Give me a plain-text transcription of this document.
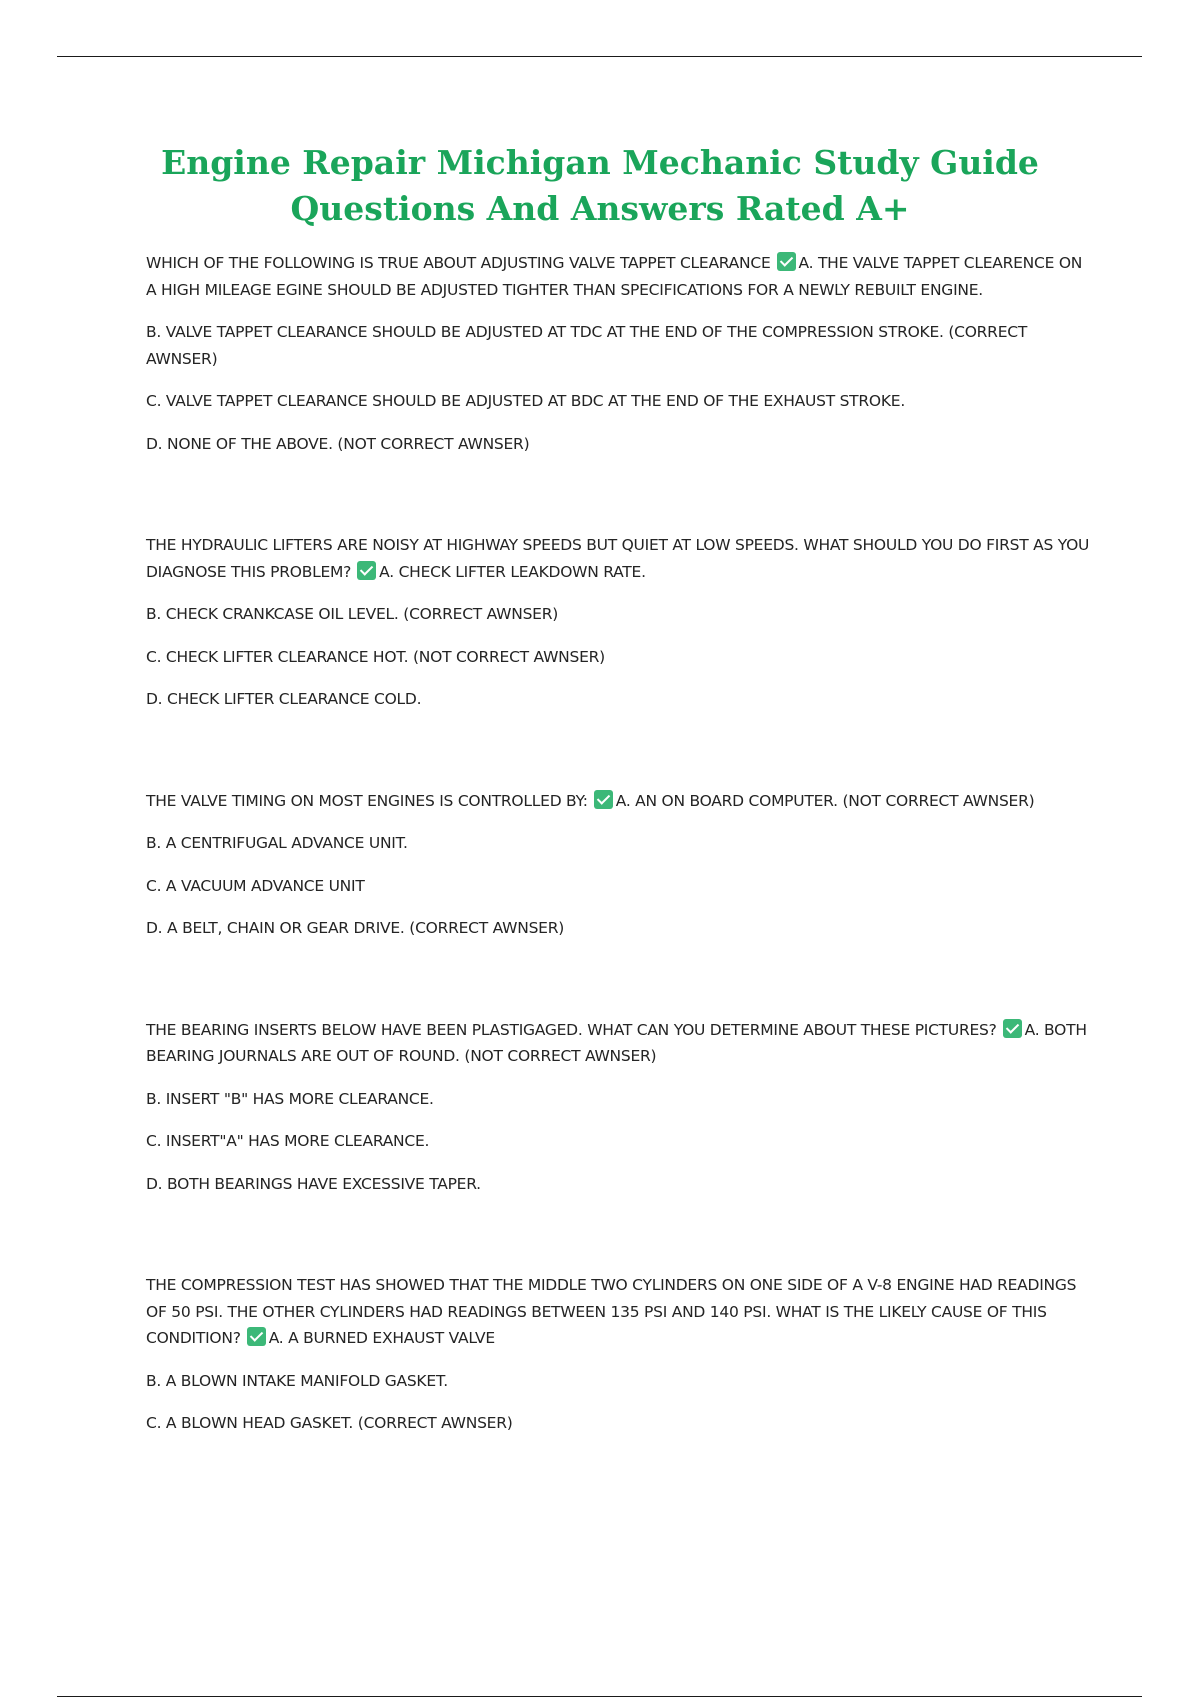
Engine Repair Michigan Mechanic Study Guide Questions And Answers Rated A+

WHICH OF THE FOLLOWING IS TRUE ABOUT ADJUSTING VALVE TAPPET CLEARANCE A. THE VALVE TAPPET CLEARENCE ON A HIGH MILEAGE EGINE SHOULD BE ADJUSTED TIGHTER THAN SPECIFICATIONS FOR A NEWLY REBUILT ENGINE.

B. VALVE TAPPET CLEARANCE SHOULD BE ADJUSTED AT TDC AT THE END OF THE COMPRESSION STROKE. (CORRECT AWNSER)

C. VALVE TAPPET CLEARANCE SHOULD BE ADJUSTED AT BDC AT THE END OF THE EXHAUST STROKE.

D. NONE OF THE ABOVE. (NOT CORRECT AWNSER)

THE HYDRAULIC LIFTERS ARE NOISY AT HIGHWAY SPEEDS BUT QUIET AT LOW SPEEDS. WHAT SHOULD YOU DO FIRST AS YOU DIAGNOSE THIS PROBLEM? A. CHECK LIFTER LEAKDOWN RATE.

B. CHECK CRANKCASE OIL LEVEL. (CORRECT AWNSER)

C. CHECK LIFTER CLEARANCE HOT. (NOT CORRECT AWNSER)

D. CHECK LIFTER CLEARANCE COLD.

THE VALVE TIMING ON MOST ENGINES IS CONTROLLED BY: A. AN ON BOARD COMPUTER. (NOT CORRECT AWNSER)

B. A CENTRIFUGAL ADVANCE UNIT.

C. A VACUUM ADVANCE UNIT

D. A BELT, CHAIN OR GEAR DRIVE. (CORRECT AWNSER)

THE BEARING INSERTS BELOW HAVE BEEN PLASTIGAGED. WHAT CAN YOU DETERMINE ABOUT THESE PICTURES? A. BOTH BEARING JOURNALS ARE OUT OF ROUND. (NOT CORRECT AWNSER)

B. INSERT "B" HAS MORE CLEARANCE.

C. INSERT"A" HAS MORE CLEARANCE.

D. BOTH BEARINGS HAVE EXCESSIVE TAPER.

THE COMPRESSION TEST HAS SHOWED THAT THE MIDDLE TWO CYLINDERS ON ONE SIDE OF A V-8 ENGINE HAD READINGS OF 50 PSI. THE OTHER CYLINDERS HAD READINGS BETWEEN 135 PSI AND 140 PSI. WHAT IS THE LIKELY CAUSE OF THIS CONDITION? A. A BURNED EXHAUST VALVE

B. A BLOWN INTAKE MANIFOLD GASKET.

C. A BLOWN HEAD GASKET. (CORRECT AWNSER)
